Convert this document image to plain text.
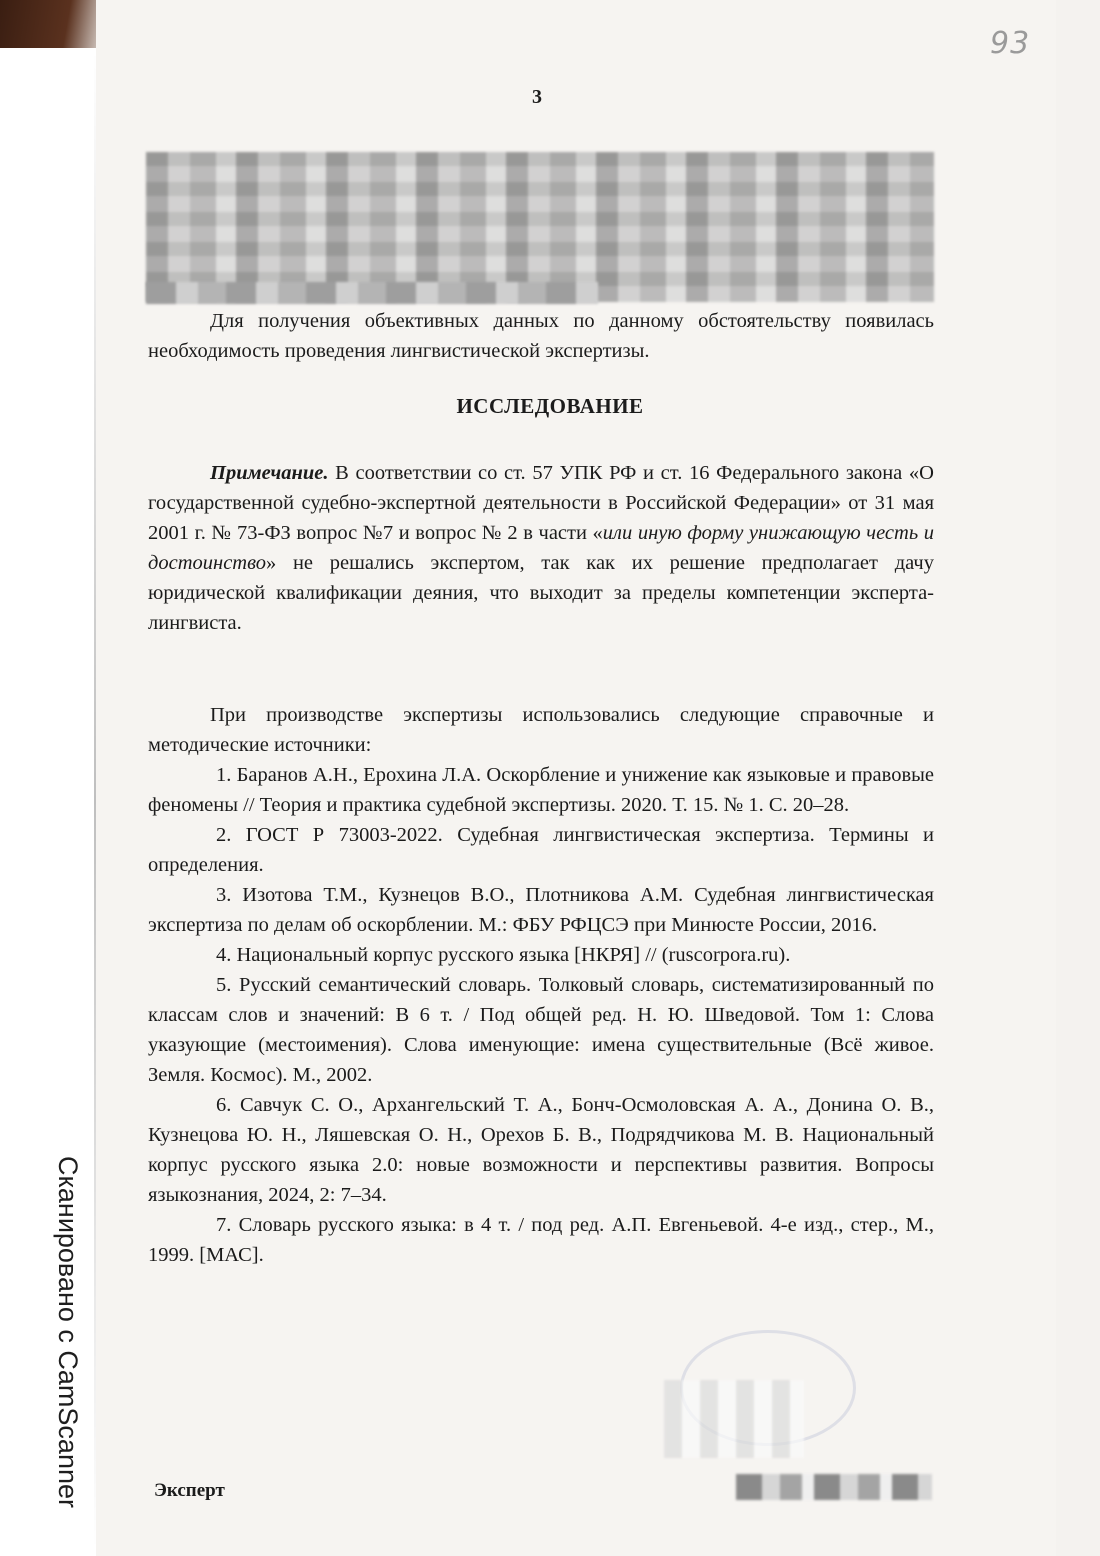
93
3
Для получения объективных данных по данному обстоятельству появилась необходимость проведения лингвистической экспертизы.
ИССЛЕДОВАНИЕ
Примечание. В соответствии со ст. 57 УПК РФ и ст. 16 Федерального закона «О государственной судебно-экспертной деятельности в Российской Федерации» от 31 мая 2001 г. № 73-ФЗ вопрос №7 и вопрос № 2 в части «или иную форму унижающую честь и достоинство» не решались экспертом, так как их решение предполагает дачу юридической квалификации деяния, что выходит за пределы компетенции эксперта-лингвиста.
При производстве экспертизы использовались следующие справочные и методические источники:

1. Баранов А.Н., Ерохина Л.А. Оскорбление и унижение как языковые и правовые феномены // Теория и практика судебной экспертизы. 2020. Т. 15. № 1. С. 20–28.

2. ГОСТ Р 73003-2022. Судебная лингвистическая экспертиза. Термины и определения.

3. Изотова Т.М., Кузнецов В.О., Плотникова А.М. Судебная лингвистическая экспертиза по делам об оскорблении. М.: ФБУ РФЦСЭ при Минюсте России, 2016.

4. Национальный корпус русского языка [НКРЯ] // (ruscorpora.ru).

5. Русский семантический словарь. Толковый словарь, систематизированный по классам слов и значений: В 6 т. / Под общей ред. Н. Ю. Шведовой. Том 1: Слова указующие (местоимения). Слова именующие: имена существительные (Всё живое. Земля. Космос). М., 2002.

6. Савчук С. О., Архангельский Т. А., Бонч-Осмоловская А. А., Донина О. В., Кузнецова Ю. Н., Ляшевская О. Н., Орехов Б. В., Подрядчикова М. В. Национальный корпус русского языка 2.0: новые возможности и перспективы развития. Вопросы языкознания, 2024, 2: 7–34.

7. Словарь русского языка: в 4 т. / под ред. А.П. Евгеньевой. 4-е изд., стер., М., 1999. [МАС].

Эксперт
Сканировано с CamScanner
